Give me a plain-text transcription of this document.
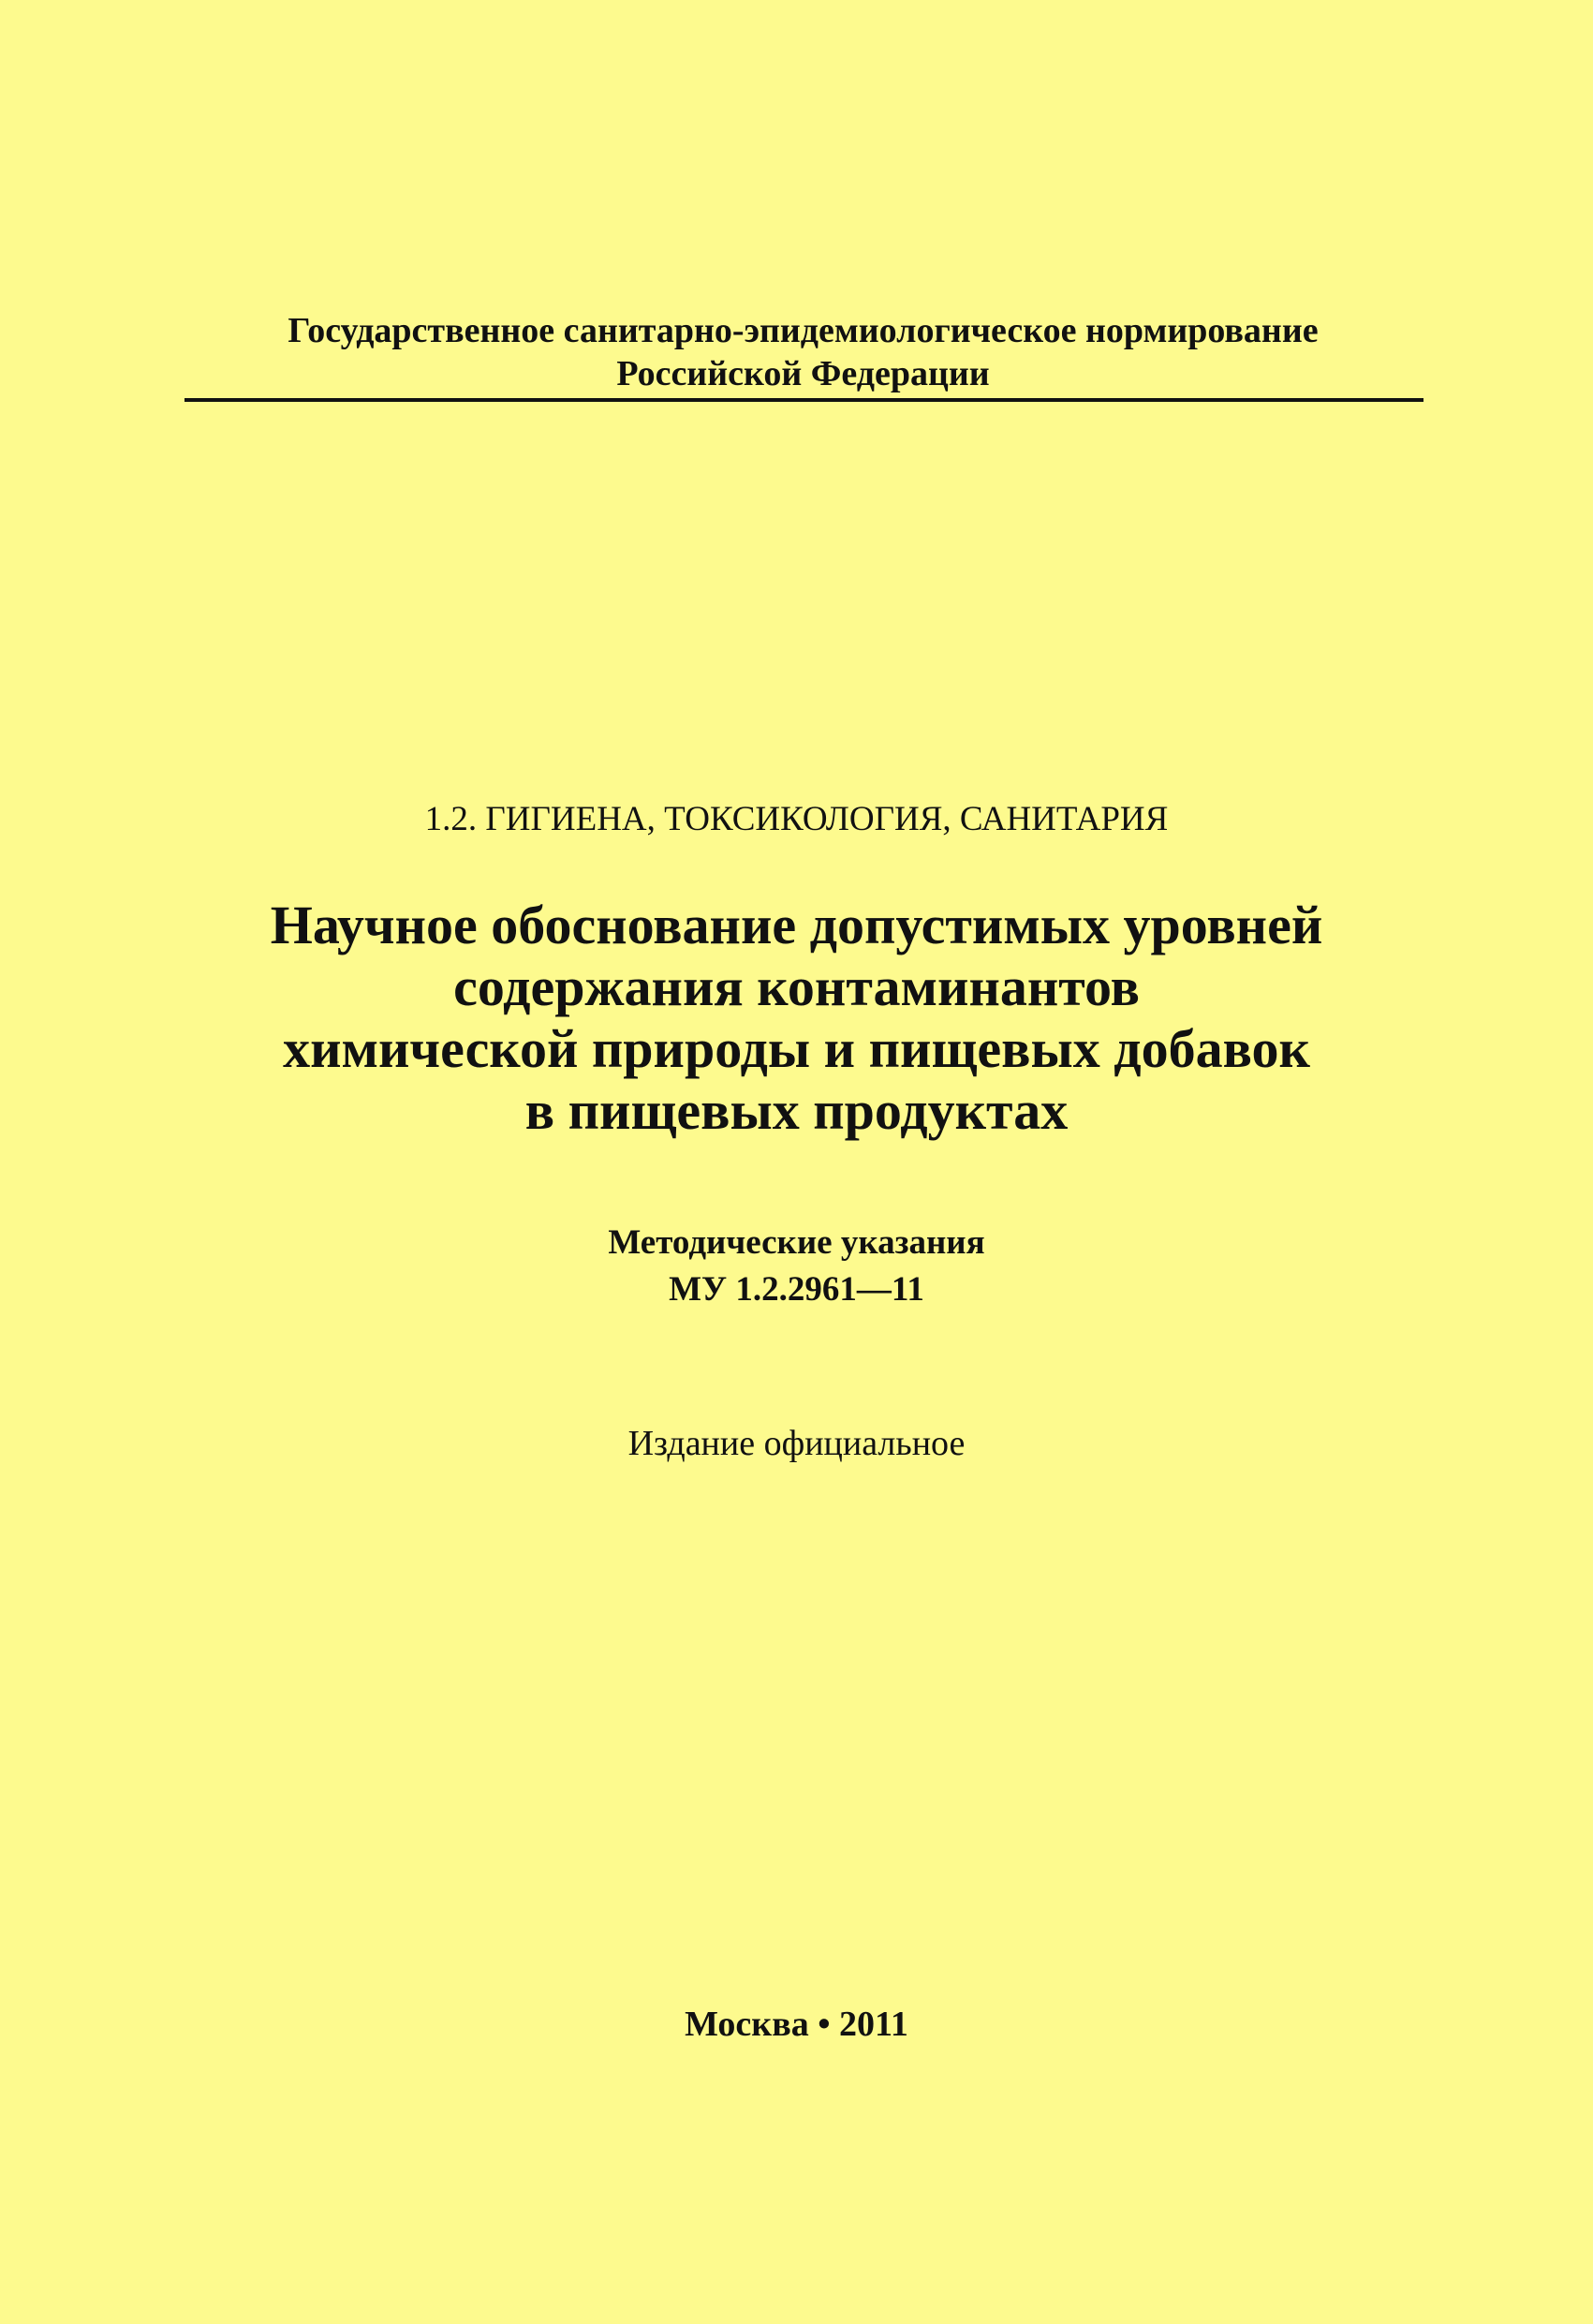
Государственное санитарно-эпидемиологическое нормирование
Российской Федерации
1.2. ГИГИЕНА, ТОКСИКОЛОГИЯ, САНИТАРИЯ
Научное обоснование допустимых уровней
содержания контаминантов
химической природы и пищевых добавок
в пищевых продуктах
Методические указания
МУ 1.2.2961—11
Издание официальное
Москва • 2011
